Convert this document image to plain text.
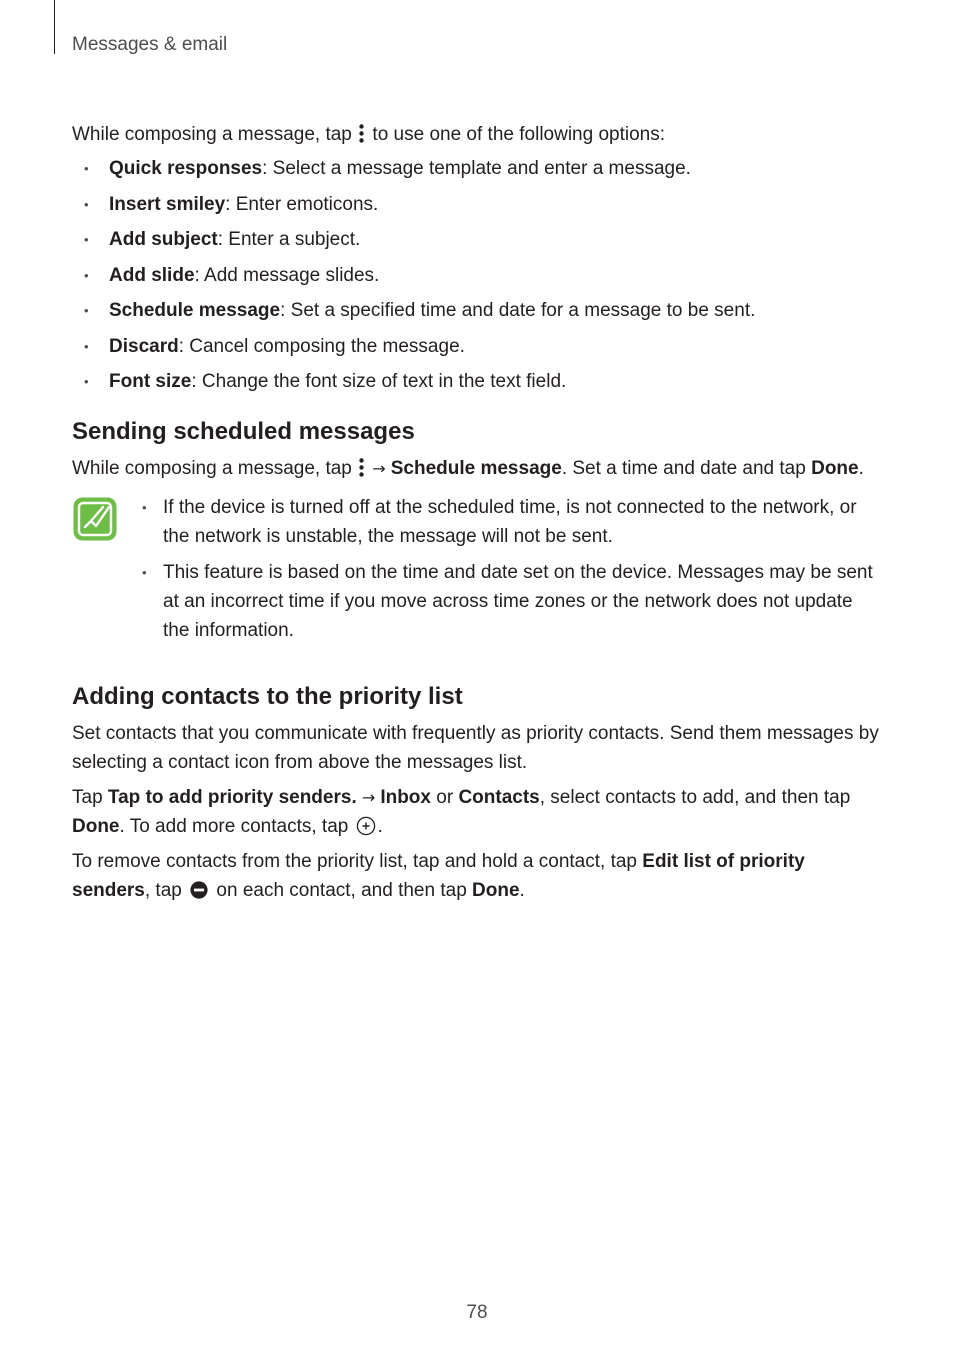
Messages & email

While composing a message, tap  to use one of the following options:

• Quick responses: Select a message template and enter a message.
• Insert smiley: Enter emoticons.
• Add subject: Enter a subject.
• Add slide: Add message slides.
• Schedule message: Set a specified time and date for a message to be sent.
• Discard: Cancel composing the message.
• Font size: Change the font size of text in the text field.
Sending scheduled messages

While composing a message, tap  → Schedule message. Set a time and date and tap Done.

• If the device is turned off at the scheduled time, is not connected to the network, or the network is unstable, the message will not be sent.
• This feature is based on the time and date set on the device. Messages may be sent at an incorrect time if you move across time zones or the network does not update the information.
Adding contacts to the priority list

Set contacts that you communicate with frequently as priority contacts. Send them messages by selecting a contact icon from above the messages list.

Tap Tap to add priority senders. → Inbox or Contacts, select contacts to add, and then tap Done. To add more contacts, tap .

To remove contacts from the priority list, tap and hold a contact, tap Edit list of priority senders, tap  on each contact, and then tap Done.

78
